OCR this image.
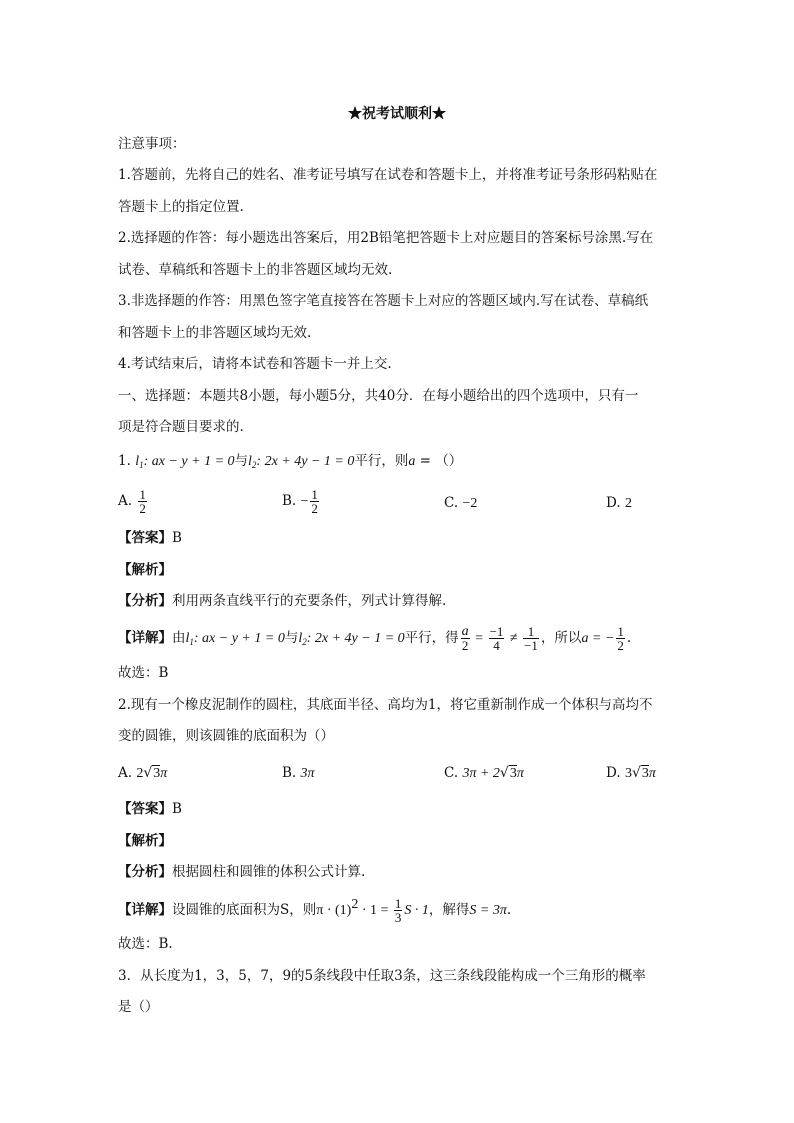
★祝考试顺利★
注意事项：
1.答题前，先将自己的姓名、准考证号填写在试卷和答题卡上，并将准考证号条形码粘贴在
答题卡上的指定位置.
2.选择题的作答：每小题选出答案后，用2B铅笔把答题卡上对应题目的答案标号涂黑.写在
试卷、草稿纸和答题卡上的非答题区域均无效.
3.非选择题的作答：用黑色签字笔直接答在答题卡上对应的答题区域内.写在试卷、草稿纸
和答题卡上的非答题区域均无效.
4.考试结束后，请将本试卷和答题卡一并上交.
一、选择题：本题共8小题，每小题5分，共40分．在每小题给出的四个选项中，只有一
项是符合题目要求的.
1. $l_1$: ax − y + 1 = 0与$l_2$: 2x + 4y − 1 = 0平行，则a = （）
A. $\frac{1}{2}$	B. − $\frac{1}{2}$	C. −2	D. 2
【答案】B
【解析】
【分析】利用两条直线平行的充要条件，列式计算得解.
【详解】由$l_1$: ax − y + 1 = 0与$l_2$: 2x + 4y − 1 = 0平行，得 $\frac{a}{2} = \frac{-1}{4} \ne \frac{1}{-1}$ ，所以a = − $\frac{1}{2}$ .
故选：B
2.现有一个橡皮泥制作的圆柱，其底面半径、高均为1，将它重新制作成一个体积与高均不
变的圆锥，则该圆锥的底面积为（）
A. 2√3π	B. 3π	C. 3π + 2√3π	D. 3√3π
【答案】B
【解析】
【分析】根据圆柱和圆锥的体积公式计算.
【详解】设圆锥的底面积为S，则$\pi \cdot (1)^2 \cdot 1 = \frac{1}{3}$ S · 1，解得S = 3π.
故选：B.
3．从长度为1，3，5，7，9的5条线段中任取3条，这三条线段能构成一个三角形的概率
是（）
